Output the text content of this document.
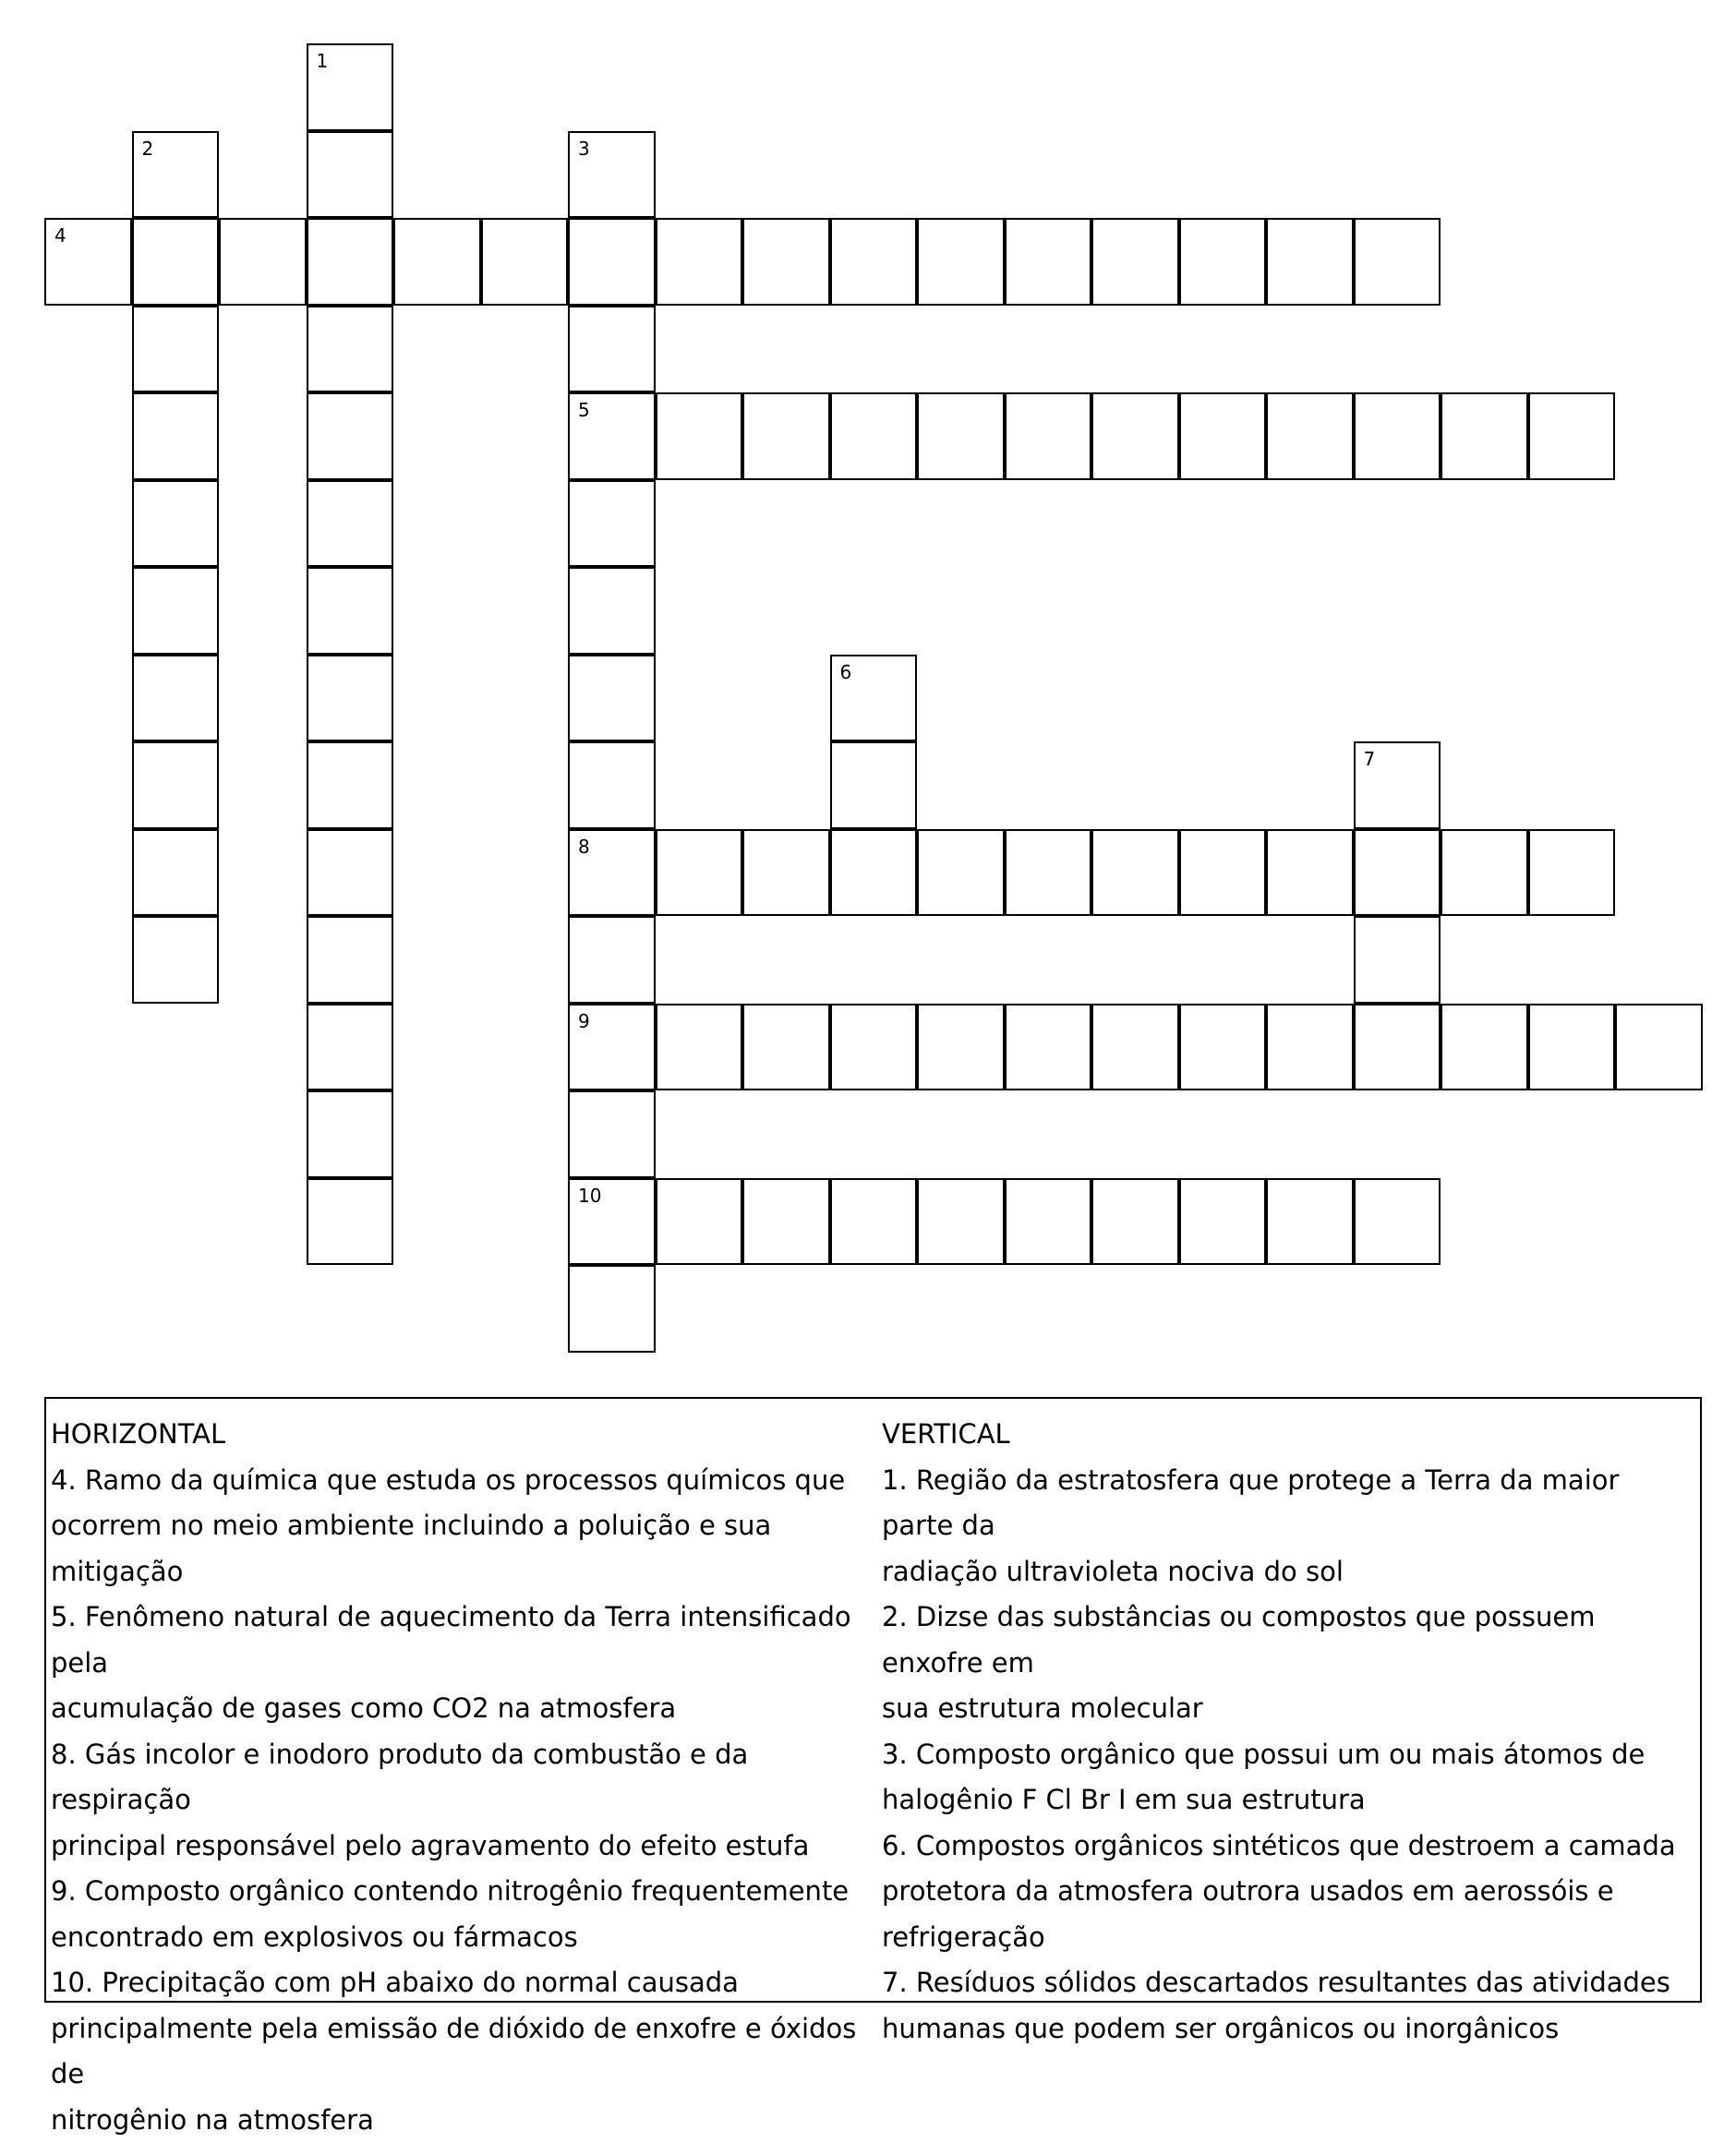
4
5
8
9
10
1
2	3
6
7
HORIZONTAL
4. Ramo da química que estuda os processos químicos que
ocorrem no meio ambiente incluindo a poluição e sua mitigação
5. Fenômeno natural de aquecimento da Terra intensificado pela
acumulação de gases como CO2 na atmosfera
8. Gás incolor e inodoro produto da combustão e da respiração
principal responsável pelo agravamento do efeito estufa
9. Composto orgânico contendo nitrogênio frequentemente
encontrado em explosivos ou fármacos
10. Precipitação com pH abaixo do normal causada
principalmente pela emissão de dióxido de enxofre e óxidos de
nitrogênio na atmosfera
VERTICAL
1. Região da estratosfera que protege a Terra da maior parte da
radiação ultravioleta nociva do sol
2. Dizse das substâncias ou compostos que possuem enxofre em
sua estrutura molecular
3. Composto orgânico que possui um ou mais átomos de
halogênio F Cl Br I em sua estrutura
6. Compostos orgânicos sintéticos que destroem a camada
protetora da atmosfera outrora usados em aerossóis e
refrigeração
7. Resíduos sólidos descartados resultantes das atividades
humanas que podem ser orgânicos ou inorgânicos
